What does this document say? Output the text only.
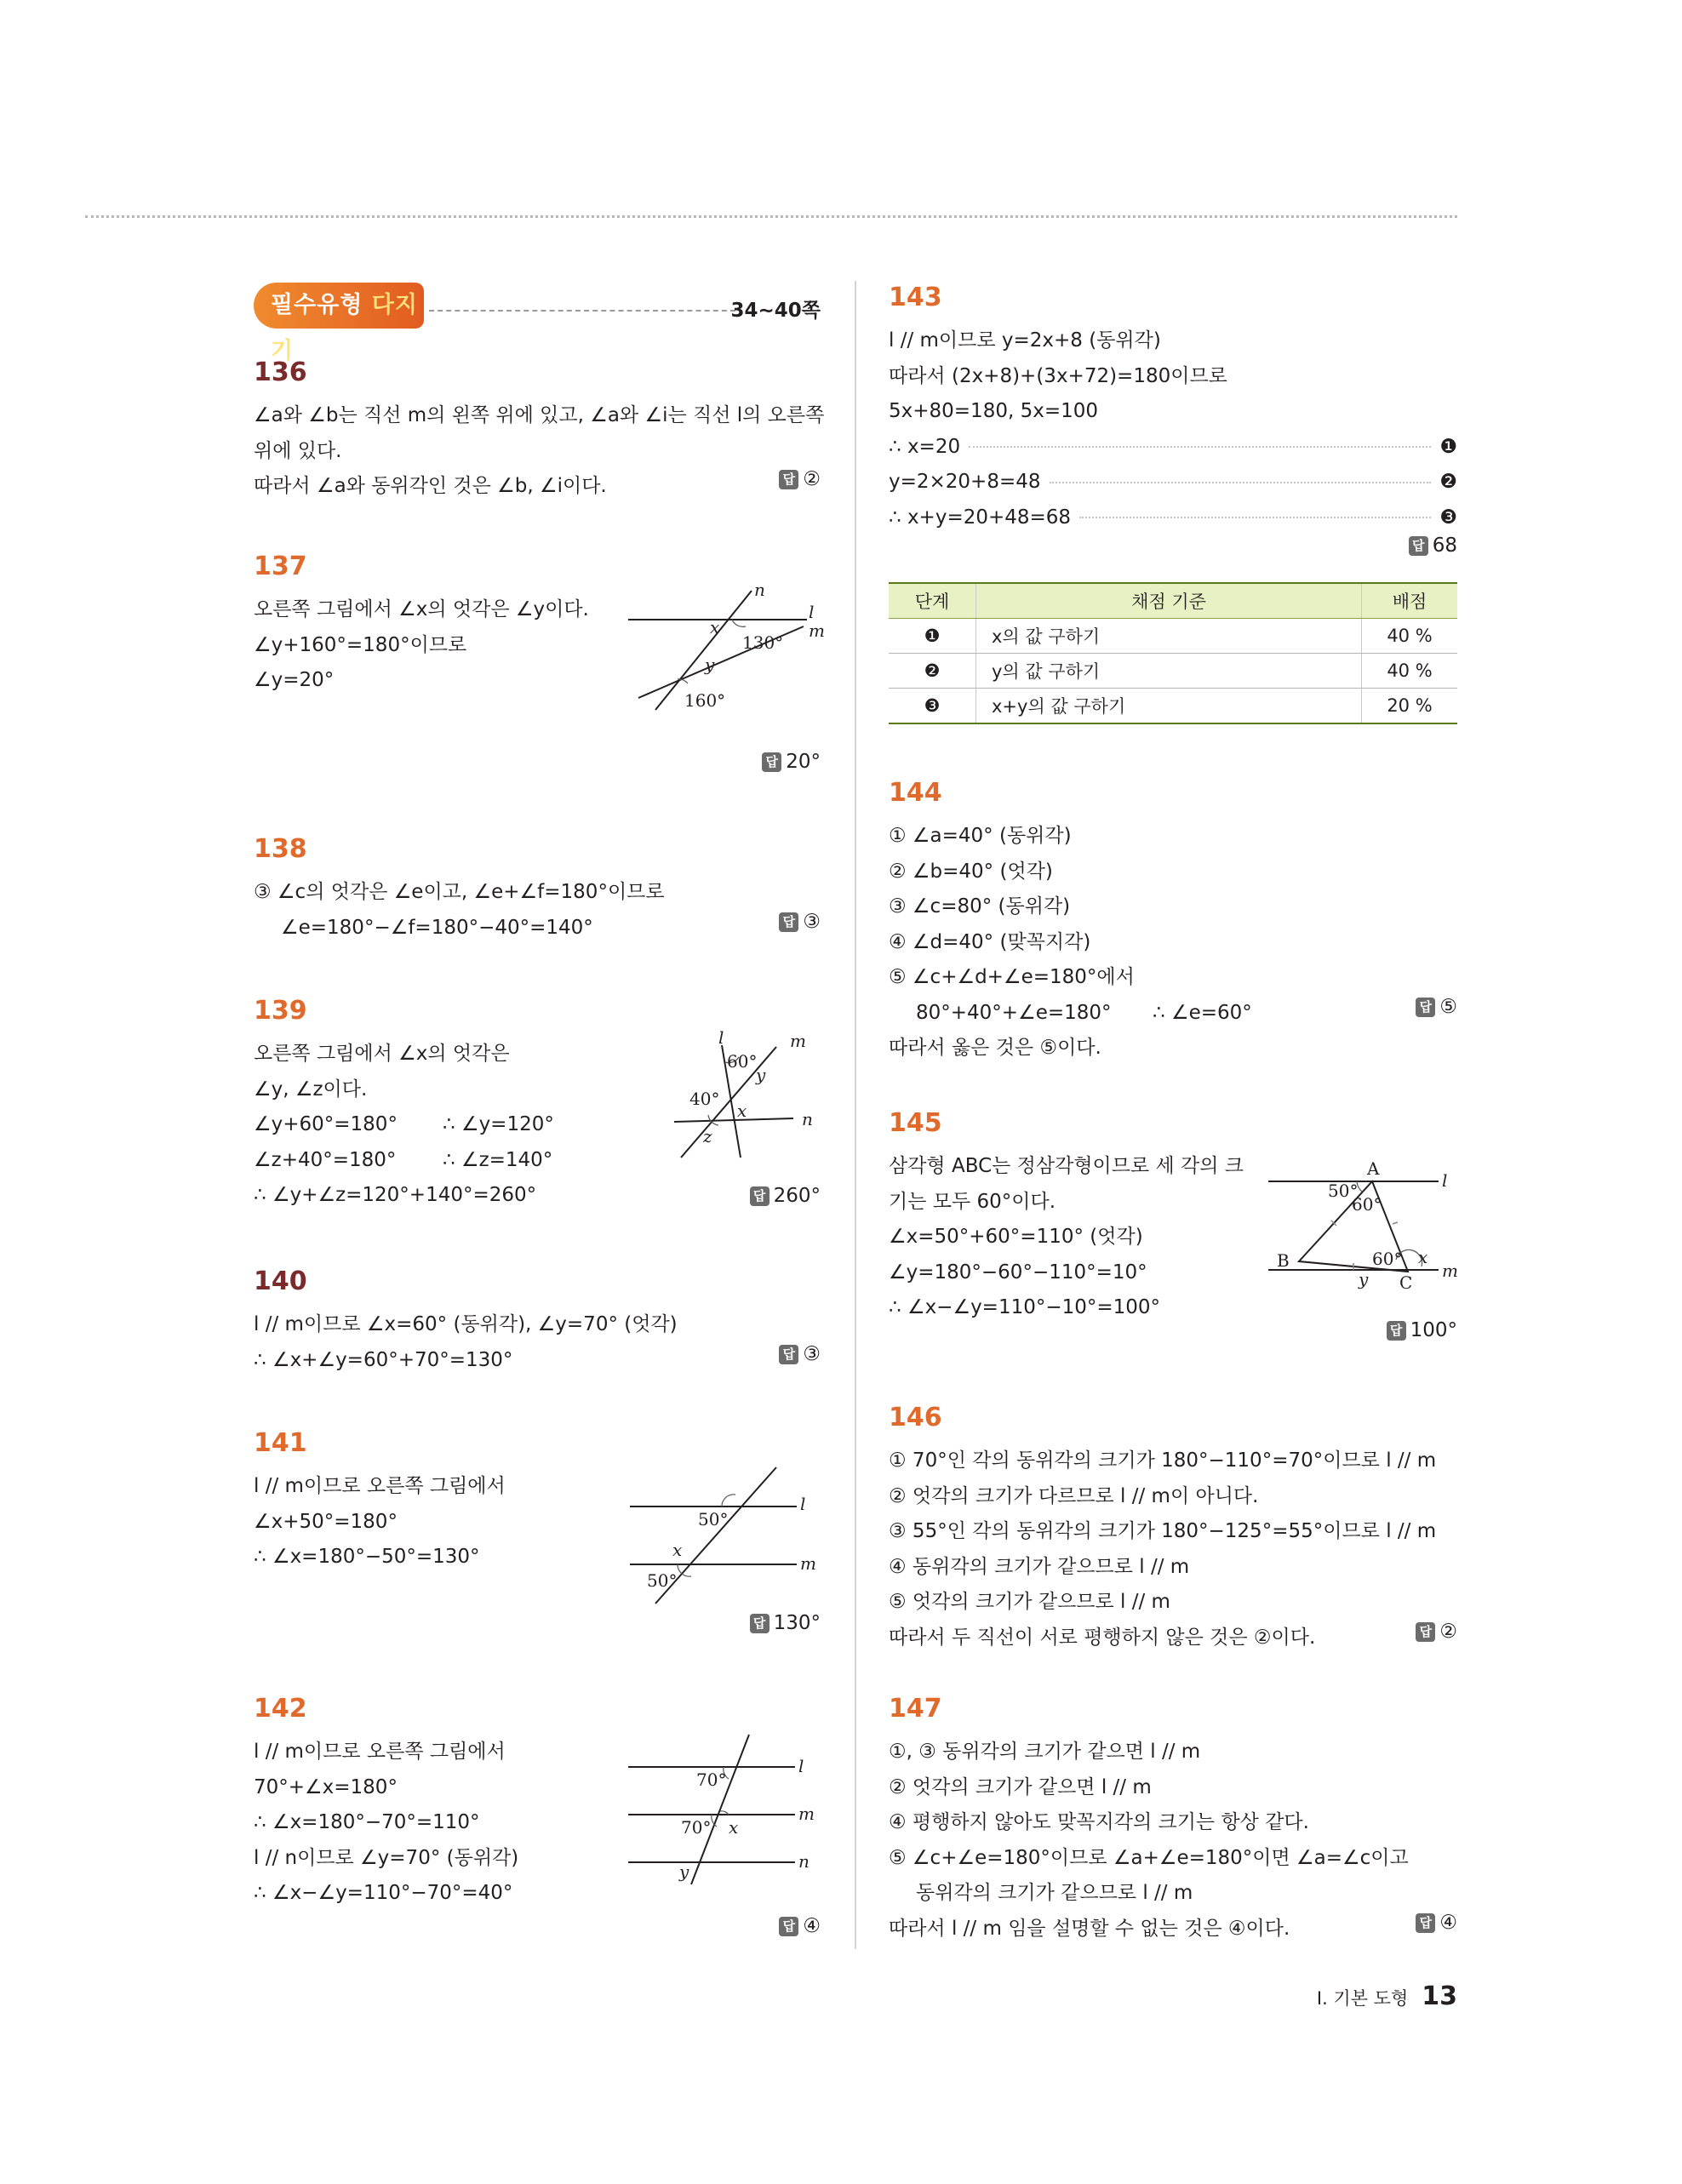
필수유형 다지기
34~40쪽
136
∠a와 ∠b는 직선 m의 왼쪽 위에 있고, ∠a와 ∠i는 직선 l의 오른쪽
위에 있다.
따라서 ∠a와 동위각인 것은 ∠b, ∠i이다.	답 ②
137
오른쪽 그림에서 ∠x의 엇각은 ∠y이다.
∠y+160°=180°이므로
∠y=20°
n
l
m
x
130°
y
160°
답 20°
138
③ ∠c의 엇각은 ∠e이고, ∠e+∠f=180°이므로
∠e=180°−∠f=180°−40°=140°	답 ③
139
오른쪽 그림에서 ∠x의 엇각은
∠y, ∠z이다.
∠y+60°=180° ∴ ∠y=120°
∠z+40°=180° ∴ ∠z=140°
∴ ∠y+∠z=120°+140°=260°
l	m
60°
y
40°
x	n
z
답 260°
140
l // m이므로 ∠x=60° (동위각), ∠y=70° (엇각)
∴ ∠x+∠y=60°+70°=130°	답 ③
141
l // m이므로 오른쪽 그림에서
∠x+50°=180°
∴ ∠x=180°−50°=130°
50°
l
x
50°
m
답 130°
142
l // m이므로 오른쪽 그림에서
70°+∠x=180°
∴ ∠x=180°−70°=110°
l // n이므로 ∠y=70° (동위각)
∴ ∠x−∠y=110°−70°=40°
70°
l
m
70° x
n
y
답 ④
143
l // m이므로 y=2x+8 (동위각)
따라서 (2x+8)+(3x+72)=180이므로
5x+80=180, 5x=100
∴ x=20	❶
y=2×20+8=48	❷
∴ x+y=20+48=68	❸
답 68
단계	채점 기준	배점
❶	x의 값 구하기	40 %
❷	y의 값 구하기	40 %
❸	x+y의 값 구하기	20 %
144
① ∠a=40° (동위각)
② ∠b=40° (엇각)
③ ∠c=80° (동위각)
④ ∠d=40° (맞꼭지각)
⑤ ∠c+∠d+∠e=180°에서
80°+40°+∠e=180° ∴ ∠e=60°
따라서 옳은 것은 ⑤이다.
답 ⑤
145
삼각형 ABC는 정삼각형이므로 세 각의 크
기는 모두 60°이다.
∠x=50°+60°=110° (엇각)
∠y=180°−60°−110°=10°
∴ ∠x−∠y=110°−10°=100°
A
l
50°
60°
B	60° x
m
y C
답 100°
146
① 70°인 각의 동위각의 크기가 180°−110°=70°이므로 l // m
② 엇각의 크기가 다르므로 l // m이 아니다.
③ 55°인 각의 동위각의 크기가 180°−125°=55°이므로 l // m
④ 동위각의 크기가 같으므로 l // m
⑤ 엇각의 크기가 같으므로 l // m
따라서 두 직선이 서로 평행하지 않은 것은 ②이다.	답 ②
147
①, ③ 동위각의 크기가 같으면 l // m
② 엇각의 크기가 같으면 l // m
④ 평행하지 않아도 맞꼭지각의 크기는 항상 같다.
⑤ ∠c+∠e=180°이므로 ∠a+∠e=180°이면 ∠a=∠c이고
동위각의 크기가 같으므로 l // m
따라서 l // m 임을 설명할 수 없는 것은 ④이다.	답 ④
I. 기본 도형 13
